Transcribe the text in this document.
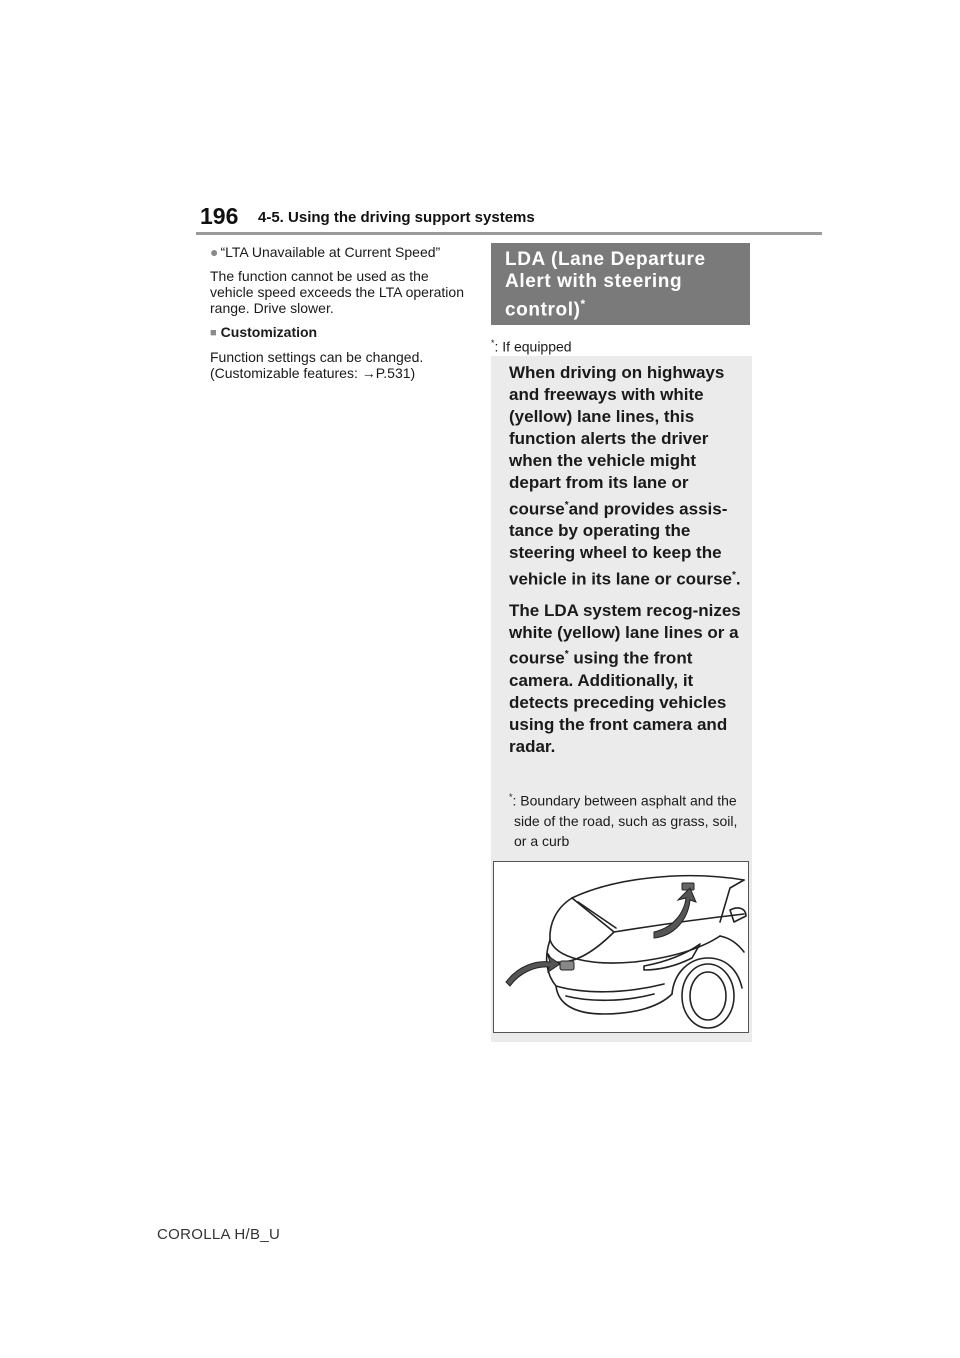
196 4-5. Using the driving support systems
● “LTA Unavailable at Current Speed”
The function cannot be used as the vehicle speed exceeds the LTA operation range. Drive slower.
■ Customization
Function settings can be changed. (Customizable features: →P.531)
LDA (Lane Departure Alert with steering control)*
*: If equipped

When driving on highways and freeways with white (yellow) lane lines, this function alerts the driver when the vehicle might depart from its lane or course*and provides assis-tance by operating the steering wheel to keep the vehicle in its lane or course*.

The LDA system recog-nizes white (yellow) lane lines or a course* using the front camera. Additionally, it detects preceding vehicles using the front camera and radar.

*: Boundary between asphalt and the side of the road, such as grass, soil, or a curb
COROLLA H/B_U
